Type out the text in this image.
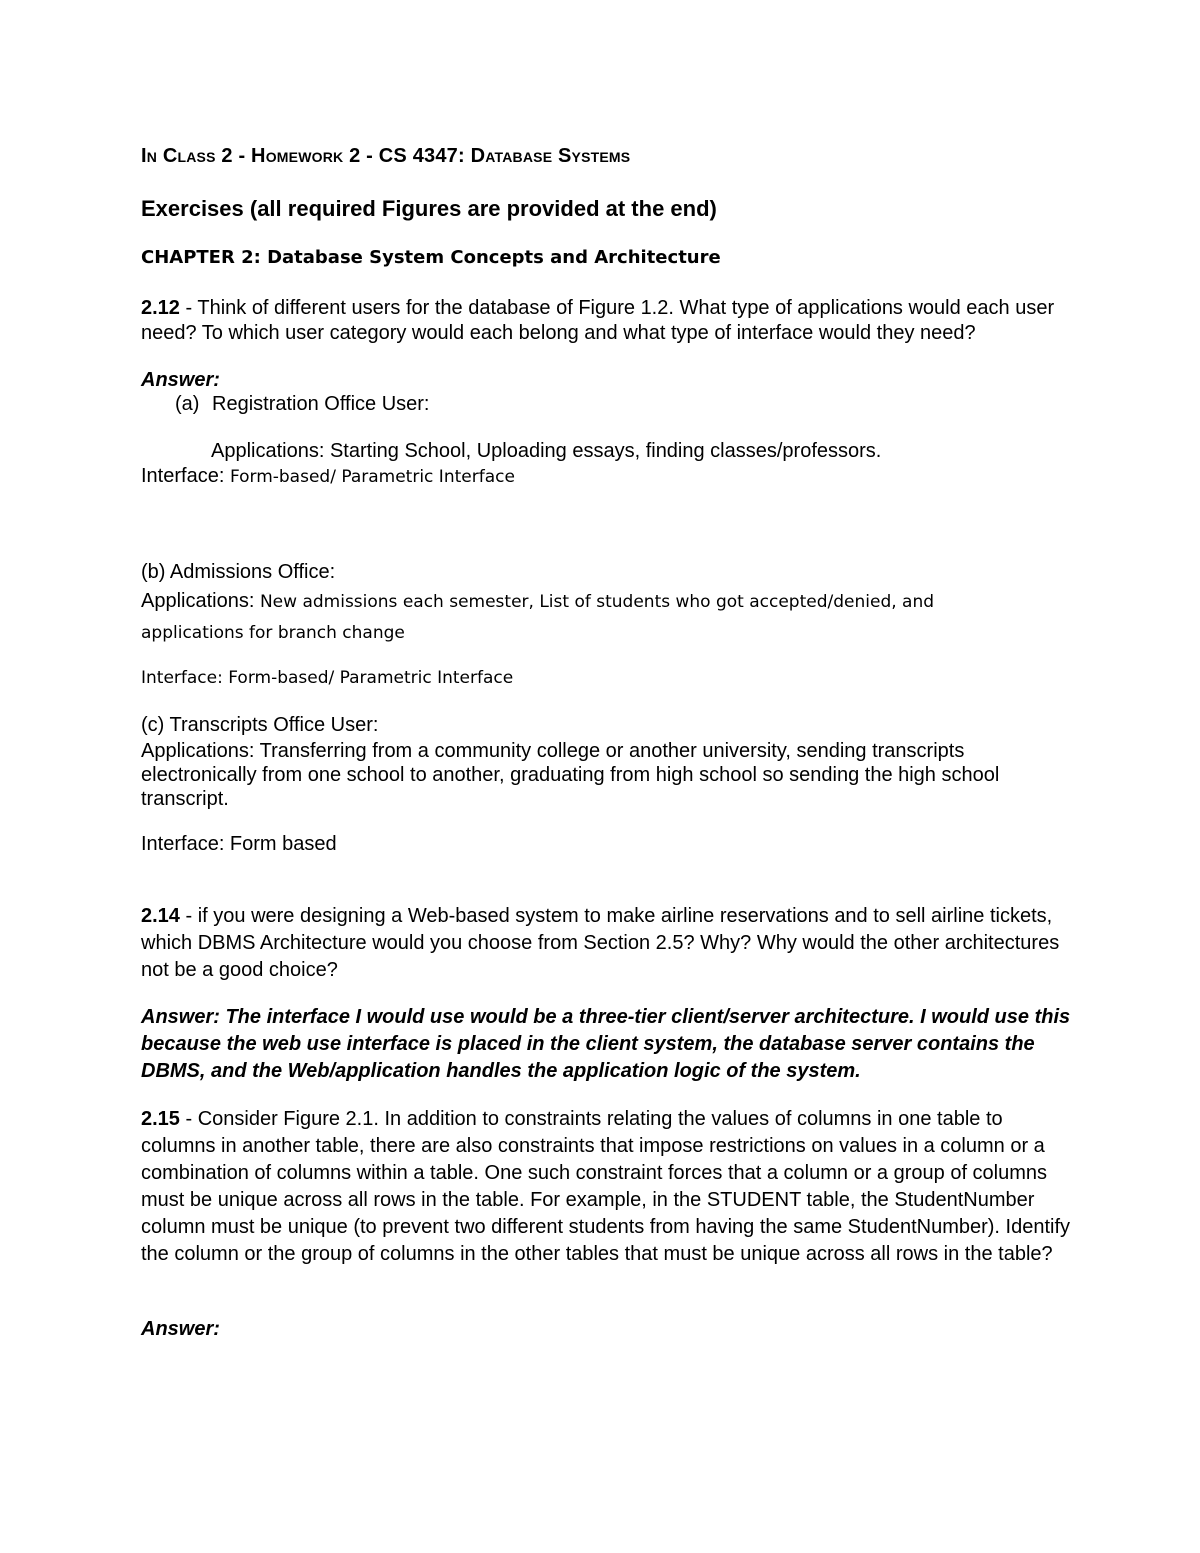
In Class 2 - Homework 2 - CS 4347: Database Systems
Exercises (all required Figures are provided at the end)
CHAPTER 2: Database System Concepts and Architecture
2.12 - Think of different users for the database of Figure 1.2. What type of applications would each user need? To which user category would each belong and what type of interface would they need?
Answer:
(a) Registration Office User:
Applications: Starting School, Uploading essays, finding classes/professors.
Interface: Form-based/ Parametric Interface
(b) Admissions Office:
Applications: New admissions each semester, List of students who got accepted/denied, and applications for branch change
Interface: Form-based/ Parametric Interface
(c) Transcripts Office User:
Applications: Transferring from a community college or another university, sending transcripts electronically from one school to another, graduating from high school so sending the high school transcript.
Interface: Form based
2.14 - if you were designing a Web-based system to make airline reservations and to sell airline tickets, which DBMS Architecture would you choose from Section 2.5? Why? Why would the other architectures not be a good choice?
Answer: The interface I would use would be a three-tier client/server architecture. I would use this because the web use interface is placed in the client system, the database server contains the DBMS, and the Web/application handles the application logic of the system.
2.15 - Consider Figure 2.1. In addition to constraints relating the values of columns in one table to columns in another table, there are also constraints that impose restrictions on values in a column or a combination of columns within a table. One such constraint forces that a column or a group of columns must be unique across all rows in the table. For example, in the STUDENT table, the StudentNumber column must be unique (to prevent two different students from having the same StudentNumber). Identify the column or the group of columns in the other tables that must be unique across all rows in the table?
Answer:
